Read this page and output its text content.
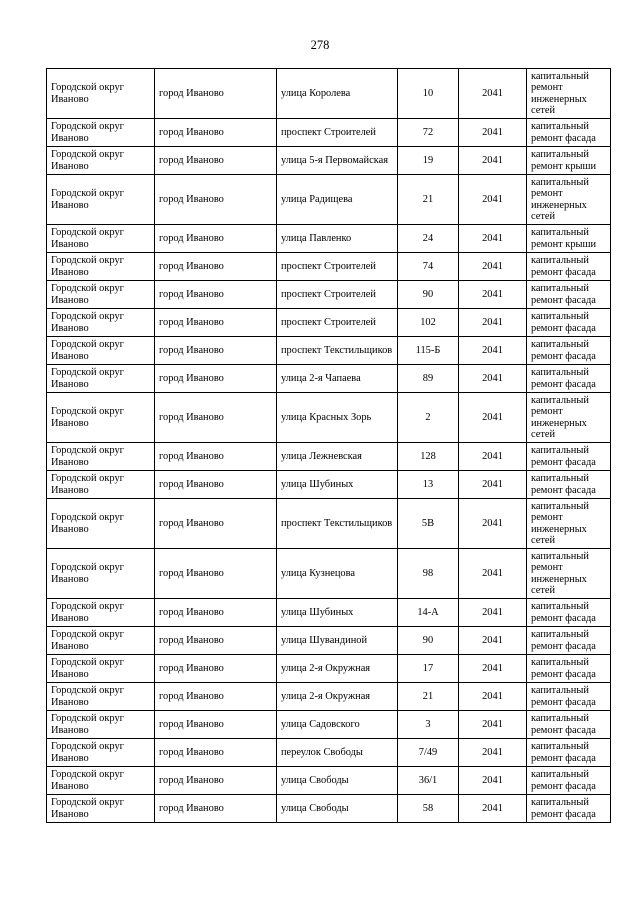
278
Городской округ Иваново	город Иваново	улица Королева	10	2041	капитальный ремонт инженерных сетей
Городской округ Иваново	город Иваново	проспект Строителей	72	2041	капитальный ремонт фасада
Городской округ Иваново	город Иваново	улица 5-я Первомайская	19	2041	капитальный ремонт крыши
Городской округ Иваново	город Иваново	улица Радищева	21	2041	капитальный ремонт инженерных сетей
Городской округ Иваново	город Иваново	улица Павленко	24	2041	капитальный ремонт крыши
Городской округ Иваново	город Иваново	проспект Строителей	74	2041	капитальный ремонт фасада
Городской округ Иваново	город Иваново	проспект Строителей	90	2041	капитальный ремонт фасада
Городской округ Иваново	город Иваново	проспект Строителей	102	2041	капитальный ремонт фасада
Городской округ Иваново	город Иваново	проспект Текстильщиков	115-Б	2041	капитальный ремонт фасада
Городской округ Иваново	город Иваново	улица 2-я Чапаева	89	2041	капитальный ремонт фасада
Городской округ Иваново	город Иваново	улица Красных Зорь	2	2041	капитальный ремонт инженерных сетей
Городской округ Иваново	город Иваново	улица Лежневская	128	2041	капитальный ремонт фасада
Городской округ Иваново	город Иваново	улица Шубиных	13	2041	капитальный ремонт фасада
Городской округ Иваново	город Иваново	проспект Текстильщиков	5В	2041	капитальный ремонт инженерных сетей
Городской округ Иваново	город Иваново	улица Кузнецова	98	2041	капитальный ремонт инженерных сетей
Городской округ Иваново	город Иваново	улица Шубиных	14-А	2041	капитальный ремонт фасада
Городской округ Иваново	город Иваново	улица Шувандиной	90	2041	капитальный ремонт фасада
Городской округ Иваново	город Иваново	улица 2-я Окружная	17	2041	капитальный ремонт фасада
Городской округ Иваново	город Иваново	улица 2-я Окружная	21	2041	капитальный ремонт фасада
Городской округ Иваново	город Иваново	улица Садовского	3	2041	капитальный ремонт фасада
Городской округ Иваново	город Иваново	переулок Свободы	7/49	2041	капитальный ремонт фасада
Городской округ Иваново	город Иваново	улица Свободы	36/1	2041	капитальный ремонт фасада
Городской округ Иваново	город Иваново	улица Свободы	58	2041	капитальный ремонт фасада
